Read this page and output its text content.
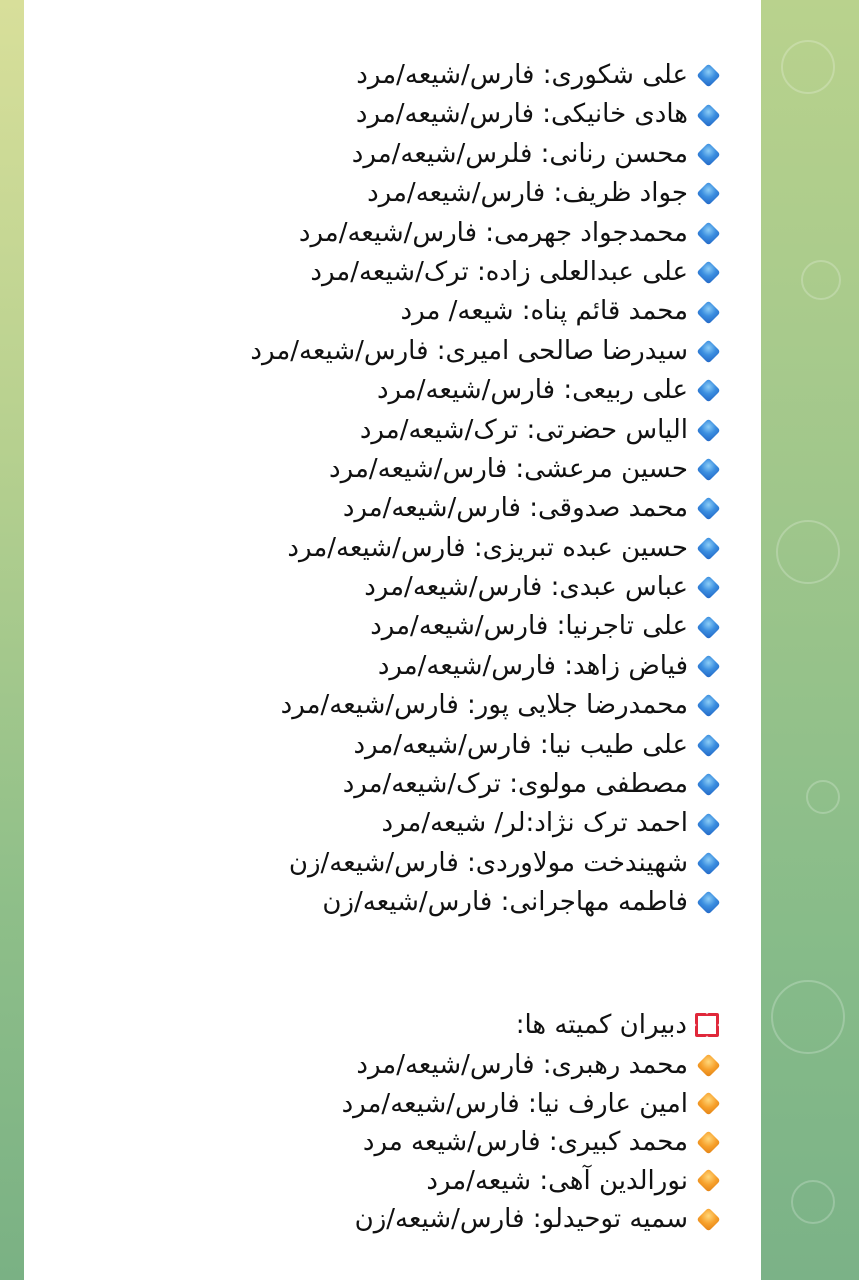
علی شکوری: فارس/شیعه/مرد
هادی خانیکی: فارس/شیعه/مرد
محسن رنانی: فلرس/شیعه/مرد
جواد ظریف: فارس/شیعه/مرد
محمدجواد جهرمی: فارس/شیعه/مرد
علی عبدالعلی زاده: ترک/شیعه/مرد
محمد قائم پناه: شیعه/ مرد
سیدرضا صالحی امیری: فارس/شیعه/مرد
علی ربیعی: فارس/شیعه/مرد
الیاس حضرتی: ترک/شیعه/مرد
حسین مرعشی: فارس/شیعه/مرد
محمد صدوقی: فارس/شیعه/مرد
حسین عبده تبریزی: فارس/شیعه/مرد
عباس عبدی: فارس/شیعه/مرد
علی تاجرنیا: فارس/شیعه/مرد
فیاض زاهد: فارس/شیعه/مرد
محمدرضا جلایی پور: فارس/شیعه/مرد
علی طیب نیا: فارس/شیعه/مرد
مصطفی مولوی: ترک/شیعه/مرد
احمد ترک نژاد:لر/ شیعه/مرد
شهیندخت مولاوردی: فارس/شیعه/زن
فاطمه مهاجرانی: فارس/شیعه/زن
دبیران کمیته ها:
محمد رهبری: فارس/شیعه/مرد
امین عارف نیا: فارس/شیعه/مرد
محمد کبیری: فارس/شیعه مرد
نورالدین آهی: شیعه/مرد
سمیه توحیدلو: فارس/شیعه/زن
